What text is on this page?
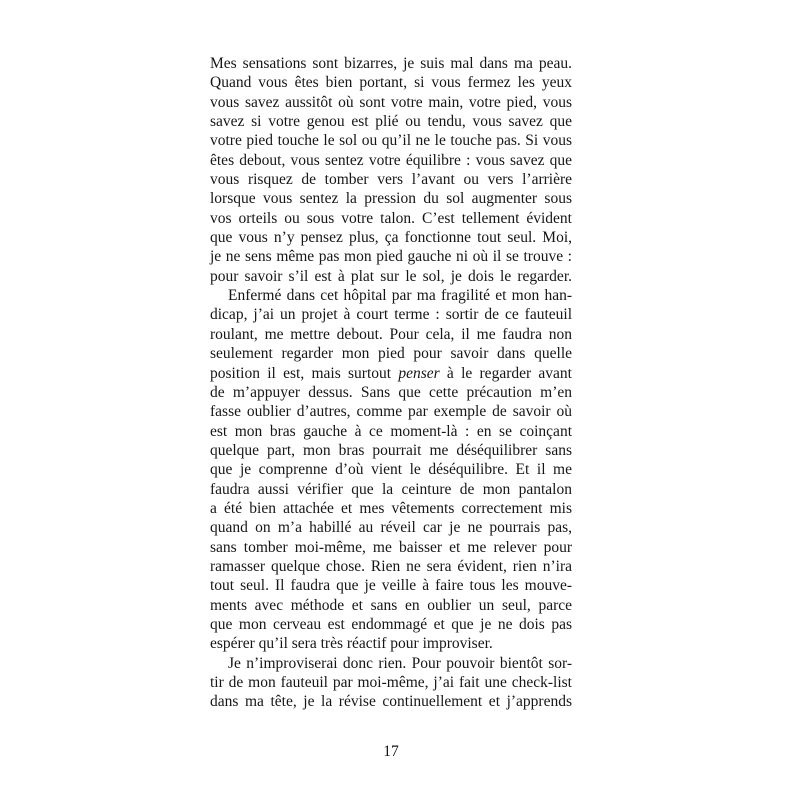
Mes sensations sont bizarres, je suis mal dans ma peau.
Quand vous êtes bien portant, si vous fermez les yeux
vous savez aussitôt où sont votre main, votre pied, vous
savez si votre genou est plié ou tendu, vous savez que
votre pied touche le sol ou qu’il ne le touche pas. Si vous
êtes debout, vous sentez votre équilibre : vous savez que
vous risquez de tomber vers l’avant ou vers l’arrière
lorsque vous sentez la pression du sol augmenter sous
vos orteils ou sous votre talon. C’est tellement évident
que vous n’y pensez plus, ça fonctionne tout seul. Moi,
je ne sens même pas mon pied gauche ni où il se trouve :
pour savoir s’il est à plat sur le sol, je dois le regarder.
Enfermé dans cet hôpital par ma fragilité et mon han-
dicap, j’ai un projet à court terme : sortir de ce fauteuil
roulant, me mettre debout. Pour cela, il me faudra non
seulement regarder mon pied pour savoir dans quelle
position il est, mais surtout penser à le regarder avant
de m’appuyer dessus. Sans que cette précaution m’en
fasse oublier d’autres, comme par exemple de savoir où
est mon bras gauche à ce moment-là : en se coinçant
quelque part, mon bras pourrait me déséquilibrer sans
que je comprenne d’où vient le déséquilibre. Et il me
faudra aussi vérifier que la ceinture de mon pantalon
a été bien attachée et mes vêtements correctement mis
quand on m’a habillé au réveil car je ne pourrais pas,
sans tomber moi-même, me baisser et me relever pour
ramasser quelque chose. Rien ne sera évident, rien n’ira
tout seul. Il faudra que je veille à faire tous les mouve-
ments avec méthode et sans en oublier un seul, parce
que mon cerveau est endommagé et que je ne dois pas
espérer qu’il sera très réactif pour improviser.
Je n’improviserai donc rien. Pour pouvoir bientôt sor-
tir de mon fauteuil par moi-même, j’ai fait une check-list
dans ma tête, je la révise continuellement et j’apprends
17
